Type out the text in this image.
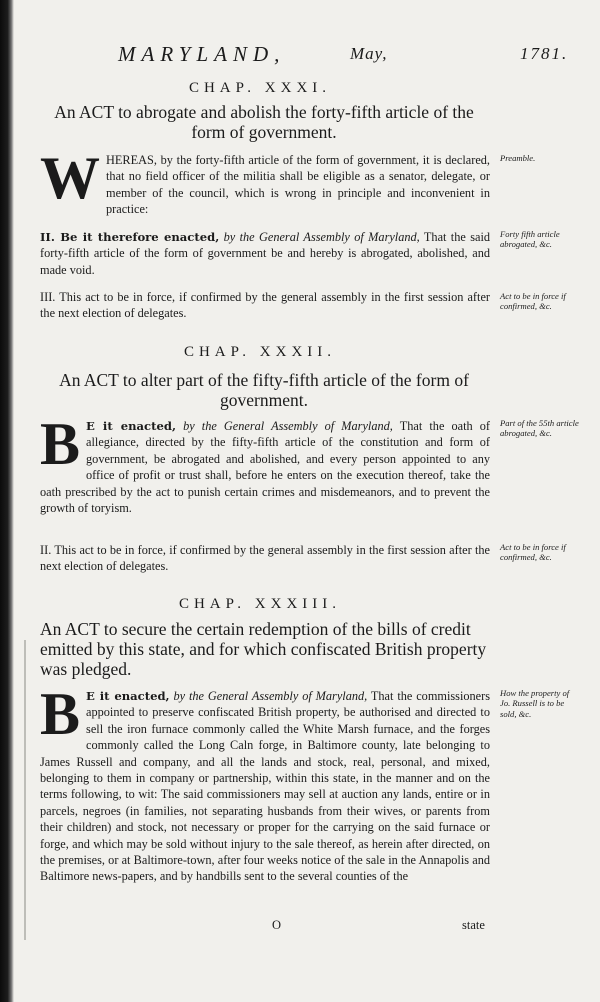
MARYLAND,	May,	1781.
CHAP. XXXI.
An ACT to abrogate and abolish the forty-fifth article of the form of government.
WHEREAS, by the forty-fifth article of the form of government, it is declared, that no field officer of the militia shall be eligible as a senator, delegate, or member of the council, which is wrong in principle and inconvenient in practice:
II. Be it therefore enacted, by the General Assembly of Maryland, That the said forty-fifth article of the form of government be and hereby is abrogated, abolished, and made void.
III. This act to be in force, if confirmed by the general assembly in the first session after the next election of delegates.
Preamble.
Forty fifth article abrogated, &c.
Act to be in force if confirmed, &c.
CHAP. XXXII.
An ACT to alter part of the fifty-fifth article of the form of government.
B E it enacted, by the General Assembly of Maryland, That the oath of allegiance, directed by the fifty-fifth article of the constitution and form of government, be abrogated and abolished, and every person appointed to any office of profit or trust shall, before he enters on the execution thereof, take the oath prescribed by the act to punish certain crimes and misdemeanors, and to prevent the growth of toryism.
II. This act to be in force, if confirmed by the general assembly in the first session after the next election of delegates.
Part of the 55th article abrogated, &c.
Act to be in force if confirmed, &c.
CHAP. XXXIII.
An ACT to secure the certain redemption of the bills of credit emitted by this state, and for which confiscated British property was pledged.
B E it enacted, by the General Assembly of Maryland, That the commissioners appointed to preserve confiscated British property, be authorised and directed to sell the iron furnace commonly called the White Marsh furnace, and the forges commonly called the Long Caln forge, in Baltimore county, late belonging to James Russell and company, and all the lands and stock, real, personal, and mixed, belonging to them in company or partnership, within this state, in the manner and on the terms following, to wit: The said commissioners may sell at auction any lands, entire or in parcels, negroes (in families, not separating husbands from their wives, or parents from their children) and stock, not necessary or proper for the carrying on the said furnace or forge, and which may be sold without injury to the sale thereof, as herein after directed, on the premises, or at Baltimore-town, after four weeks notice of the sale in the Annapolis and Baltimore news-papers, and by handbills sent to the several counties of the
How the property of Jo. Russell is to be sold, &c.
O	state
